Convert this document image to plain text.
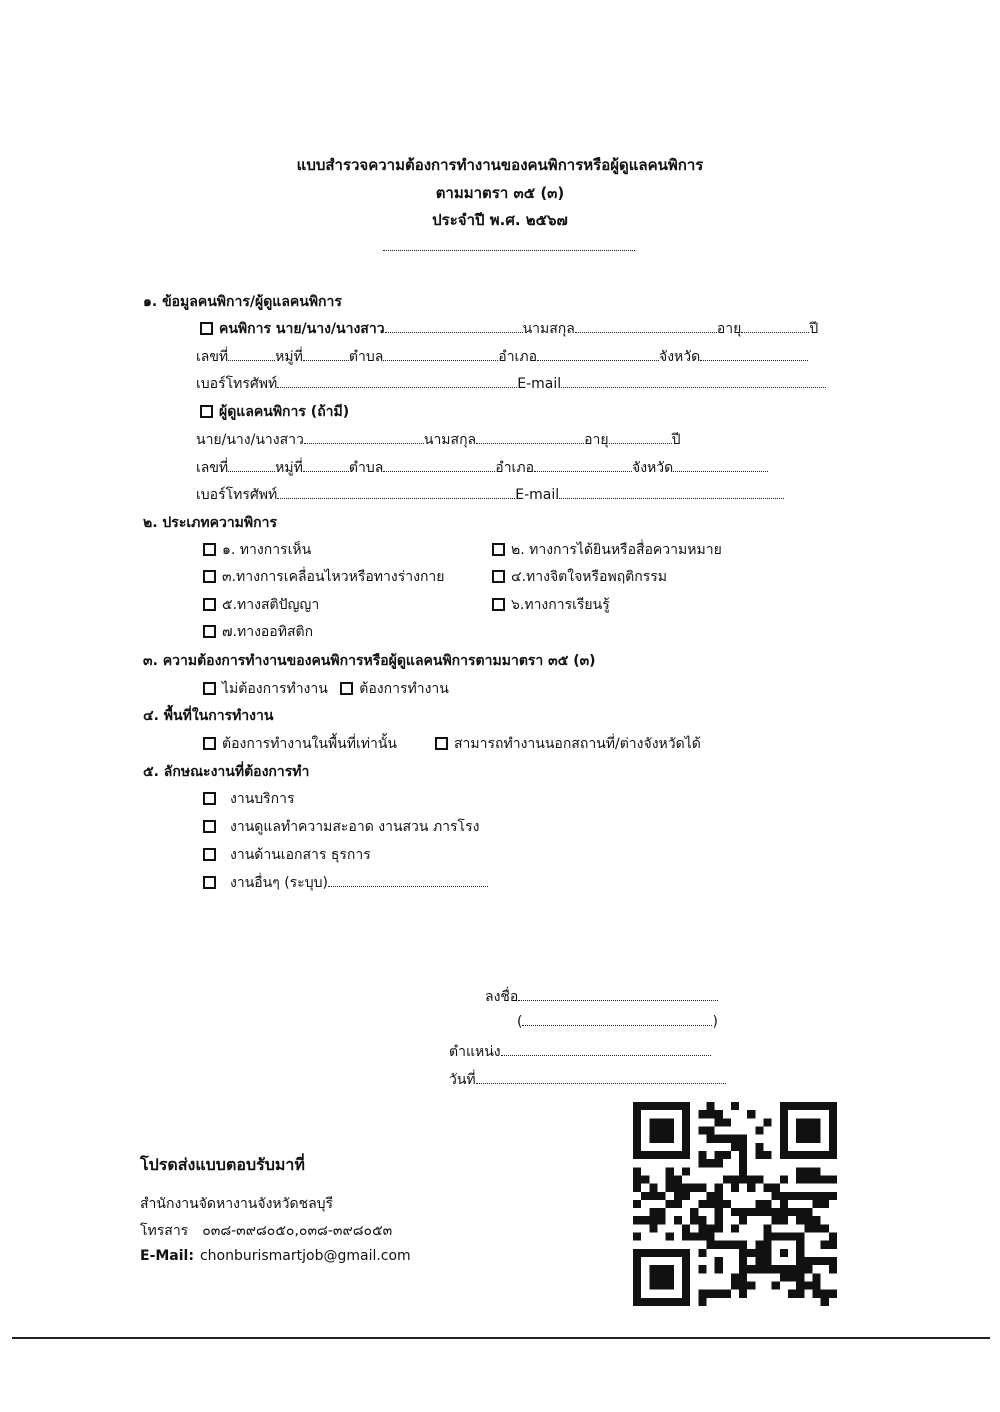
แบบสำรวจความต้องการทำงานของคนพิการหรือผู้ดูแลคนพิการ
ตามมาตรา ๓๕ (๓)
ประจำปี พ.ศ. ๒๕๖๗
๑. ข้อมูลคนพิการ/ผู้ดูแลคนพิการ
คนพิการ นาย/นาง/นางสาว	นามสกุล	อายุ	ปี
เลขที่	หมู่ที่	ตำบล	อำเภอ	จังหวัด
เบอร์โทรศัพท์	E-mail
ผู้ดูแลคนพิการ (ถ้ามี)
นาย/นาง/นางสาว	นามสกุล	อายุ	ปี
เลขที่	หมู่ที่	ตำบล	อำเภอ	จังหวัด
เบอร์โทรศัพท์	E-mail
๒. ประเภทความพิการ
๑. ทางการเห็น	๒. ทางการได้ยินหรือสื่อความหมาย
๓.ทางการเคลื่อนไหวหรือทางร่างกาย	๔.ทางจิตใจหรือพฤติกรรม
๕.ทางสติปัญญา	๖.ทางการเรียนรู้
๗.ทางออทิสติก
๓. ความต้องการทำงานของคนพิการหรือผู้ดูแลคนพิการตามมาตรา ๓๕ (๓)
ไม่ต้องการทำงาน ต้องการทำงาน
๔. พื้นที่ในการทำงาน
ต้องการทำงานในพื้นที่เท่านั้น	สามารถทำงานนอกสถานที่/ต่างจังหวัดได้
๕. ลักษณะงานที่ต้องการทำ
งานบริการ
งานดูแลทำความสะอาด งานสวน ภารโรง
งานด้านเอกสาร ธุรการ
งานอื่นๆ (ระบุบ)
ลงชื่อ
(	)
ตำแหน่ง
วันที่
โปรดส่งแบบตอบรับมาที่
สำนักงานจัดหางานจังหวัดชลบุรี
โทรสาร ๐๓๘-๓๙๘๐๕๐,๐๓๘-๓๙๘๐๕๓
E-Mail: chonburismartjob@gmail.com
